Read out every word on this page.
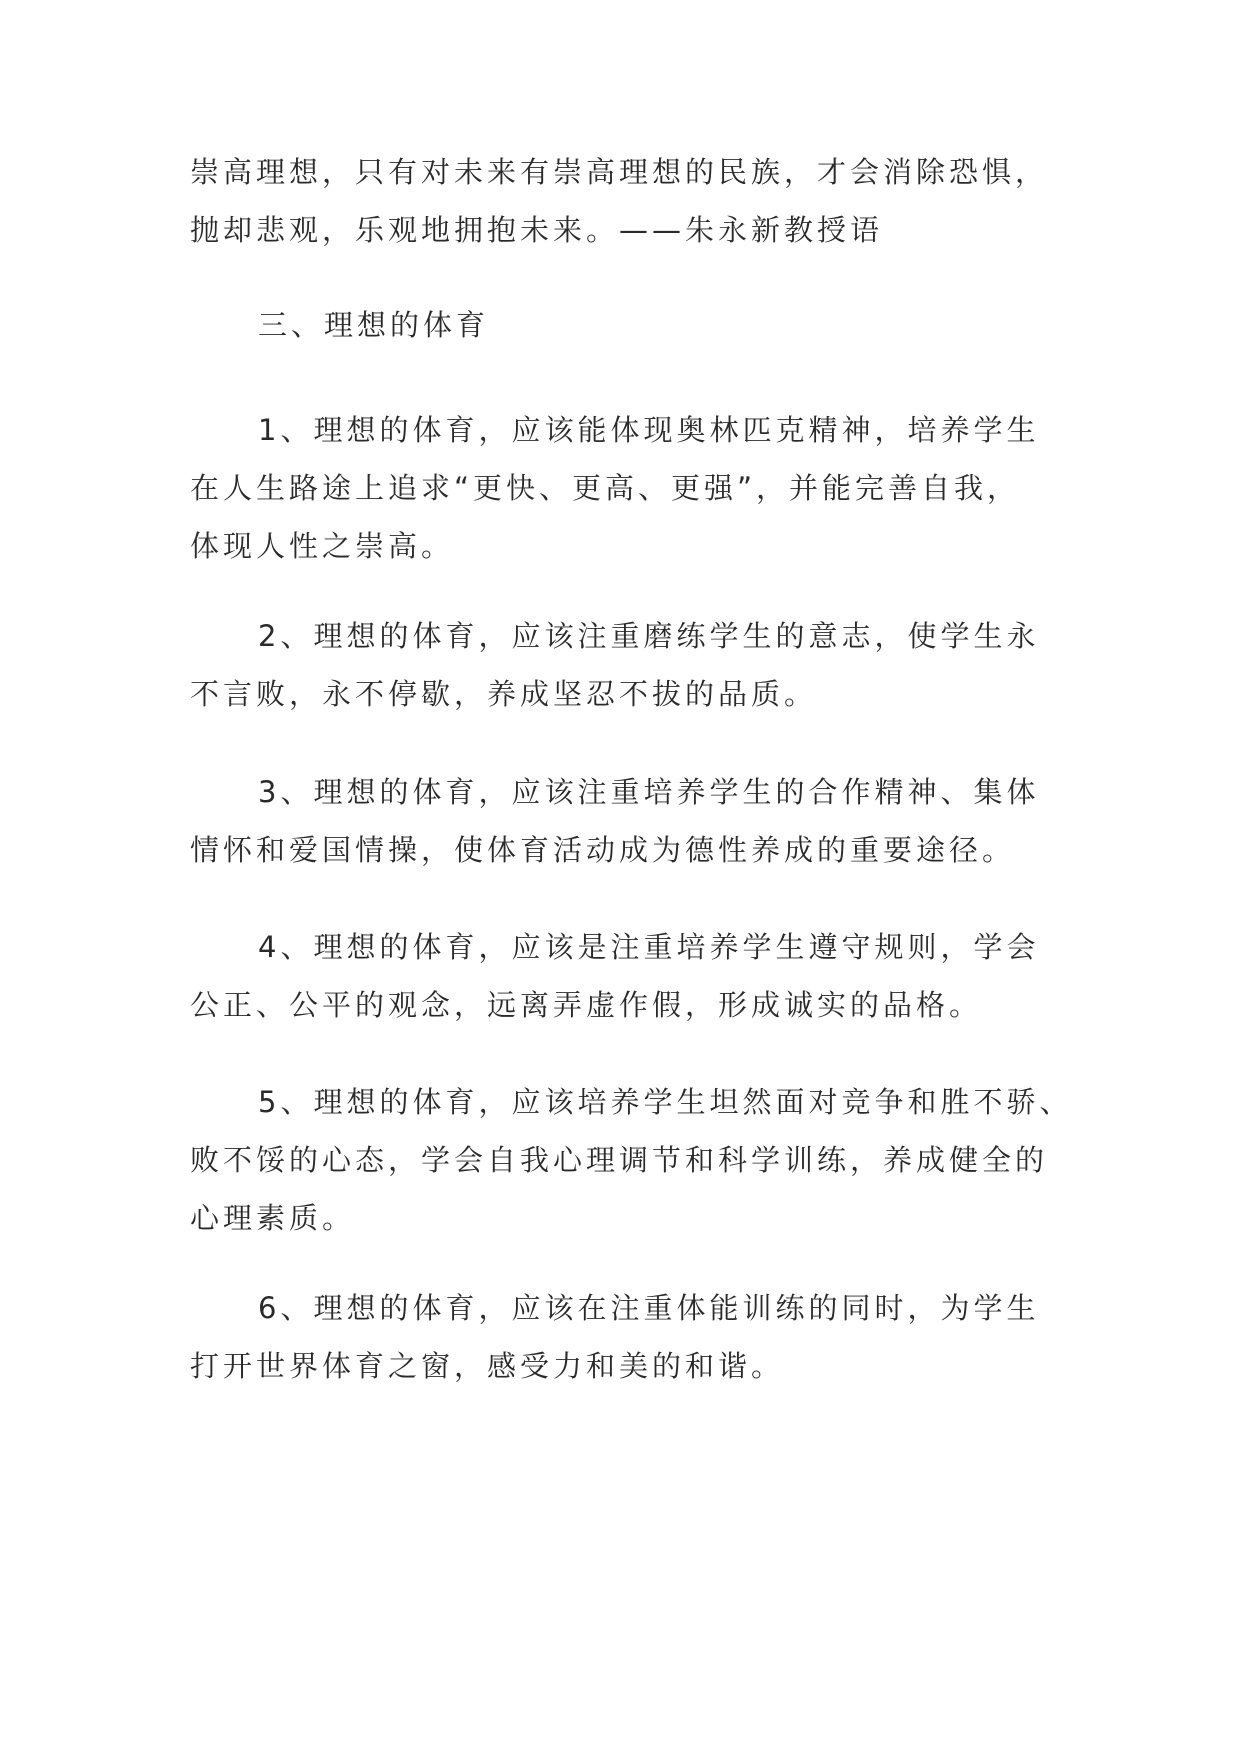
崇高理想，只有对未来有崇高理想的民族，才会消除恐惧，
抛却悲观，乐观地拥抱未来。——朱永新教授语
三、理想的体育
1、理想的体育，应该能体现奥林匹克精神，培养学生
在人生路途上追求“更快、更高、更强”，并能完善自我，
体现人性之崇高。
2、理想的体育，应该注重磨练学生的意志，使学生永
不言败，永不停歇，养成坚忍不拔的品质。
3、理想的体育，应该注重培养学生的合作精神、集体
情怀和爱国情操，使体育活动成为德性养成的重要途径。
4、理想的体育，应该是注重培养学生遵守规则，学会
公正、公平的观念，远离弄虚作假，形成诚实的品格。
5、理想的体育，应该培养学生坦然面对竞争和胜不骄、
败不馁的心态，学会自我心理调节和科学训练，养成健全的
心理素质。
6、理想的体育，应该在注重体能训练的同时，为学生
打开世界体育之窗，感受力和美的和谐。
